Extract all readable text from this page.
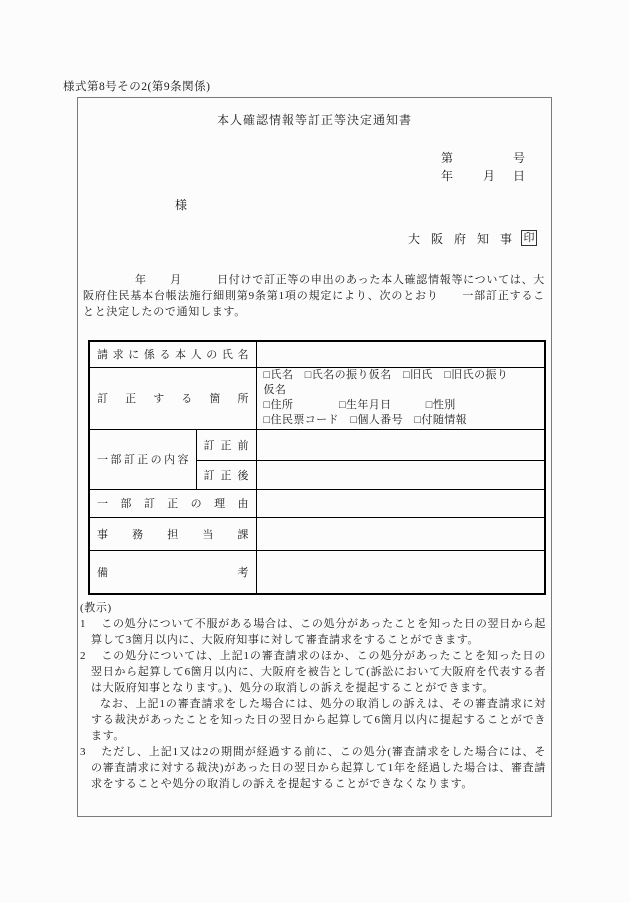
様式第8号その2(第9条関係)
本人確認情報等訂正等決定通知書
第	号
年 月 日
様
大阪府知事 印
年　　月　　　日付けで訂正等の申出のあった本人確認情報等については、大阪府住民基本台帳法施行細則第9条第1項の規定により、次のとおり　　一部訂正することと決定したので通知します。
請求に係る本人の氏名		
訂正する箇所		□氏名　□氏名の振り仮名　□旧氏　□旧氏の振り
仮名
□住所　　　　□生年月日　　　□性別
□住民票コード　□個人番号　□付随情報

一部訂正の内容	訂正前	
	訂正後	
一部訂正の理由		
事務担当課		
備考		
(教示)
1 この処分について不服がある場合は、この処分があったことを知った日の翌日から起算して3箇月以内に、大阪府知事に対して審査請求をすることができます。
2 この処分については、上記1の審査請求のほか、この処分があったことを知った日の翌日から起算して6箇月以内に、大阪府を被告として(訴訟において大阪府を代表する者は大阪府知事となります。)、処分の取消しの訴えを提起することができます。
なお、上記1の審査請求をした場合には、処分の取消しの訴えは、その審査請求に対する裁決があったことを知った日の翌日から起算して6箇月以内に提起することができます。
3 ただし、上記1又は2の期間が経過する前に、この処分(審査請求をした場合には、その審査請求に対する裁決)があった日の翌日から起算して1年を経過した場合は、審査請求をすることや処分の取消しの訴えを提起することができなくなります。
